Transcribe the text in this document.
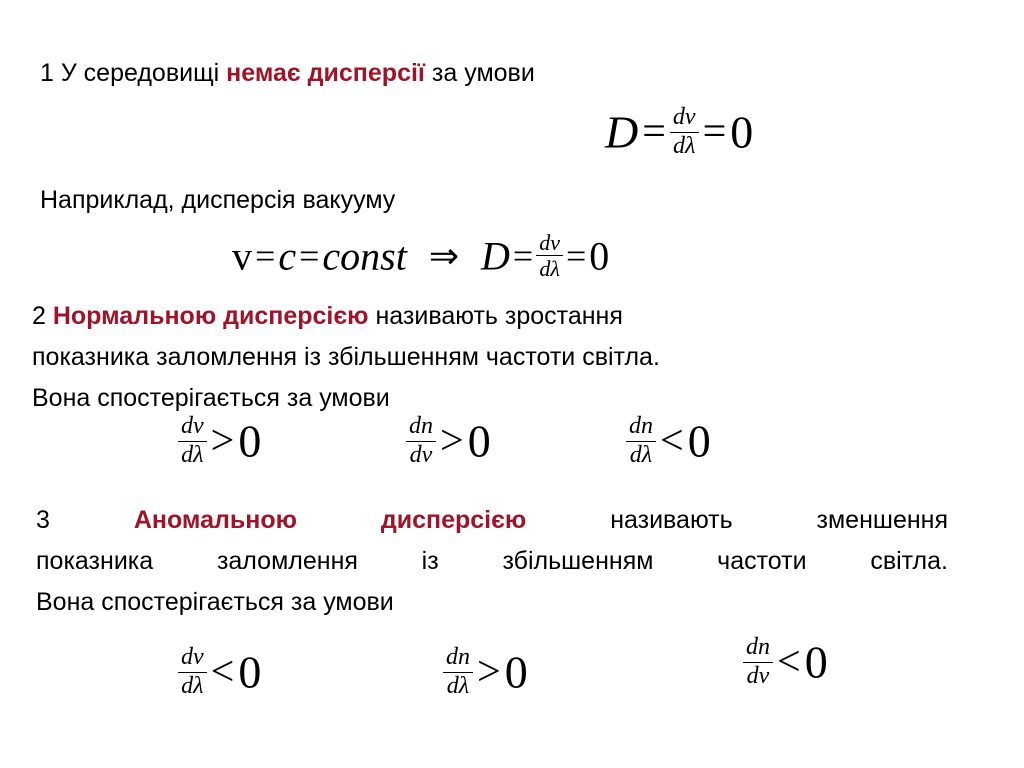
1 У середовищі немає дисперсії за умови
$D= \frac{dv}{d\lambda} =0$
Наприклад, дисперсія вакууму
v=c=const ⇒ $D= \frac{dv}{d\lambda} =0$
2 Нормальною дисперсією називають зростання
показника заломлення із збільшенням частоти світла.
Вона спостерігається за умови
$\frac{dv}{d\lambda} >0$	$\frac{dn}{dv} >0$	$\frac{dn}{d\lambda} <0$
3	Аномальною дисперсією	називають зменшення
показника заломлення із збільшенням частоти світла.
Вона спостерігається за умови
$\frac{dv}{d\lambda} <0$	$\frac{dn}{d\lambda} >0$	$\frac{dn}{dv} <0$
